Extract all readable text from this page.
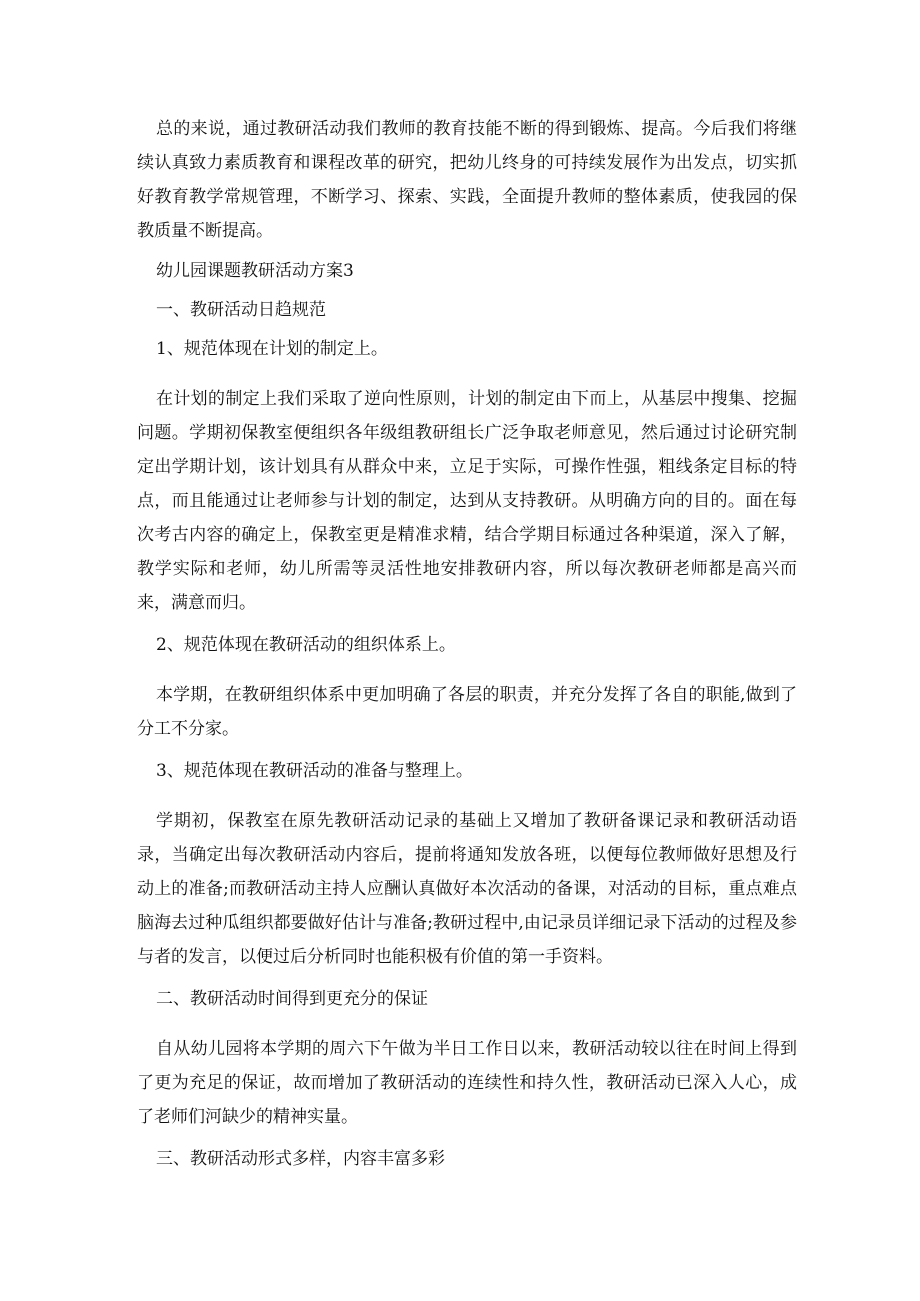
总的来说，通过教研活动我们教师的教育技能不断的得到锻炼、提高。今后我们将继续认真致力素质教育和课程改革的研究，把幼儿终身的可持续发展作为出发点，切实抓好教育教学常规管理，不断学习、探索、实践，全面提升教师的整体素质，使我园的保教质量不断提高。

幼儿园课题教研活动方案3

一、教研活动日趋规范

1、规范体现在计划的制定上。

在计划的制定上我们采取了逆向性原则，计划的制定由下而上，从基层中搜集、挖掘问题。学期初保教室便组织各年级组教研组长广泛争取老师意见，然后通过讨论研究制定出学期计划，该计划具有从群众中来，立足于实际，可操作性强，粗线条定目标的特点，而且能通过让老师参与计划的制定，达到从支持教研。从明确方向的目的。面在每次考古内容的确定上，保教室更是精准求精，结合学期目标通过各种渠道，深入了解，教学实际和老师，幼儿所需等灵活性地安排教研内容，所以每次教研老师都是高兴而来，满意而归。

2、规范体现在教研活动的组织体系上。

本学期，在教研组织体系中更加明确了各层的职责，并充分发挥了各自的职能,做到了分工不分家。

3、规范体现在教研活动的准备与整理上。

学期初，保教室在原先教研活动记录的基础上又增加了教研备课记录和教研活动语录，当确定出每次教研活动内容后，提前将通知发放各班，以便每位教师做好思想及行动上的准备;而教研活动主持人应酬认真做好本次活动的备课，对活动的目标，重点难点脑海去过种瓜组织都要做好估计与准备;教研过程中,由记录员详细记录下活动的过程及参与者的发言，以便过后分析同时也能积极有价值的第一手资料。

二、教研活动时间得到更充分的保证

自从幼儿园将本学期的周六下午做为半日工作日以来，教研活动较以往在时间上得到了更为充足的保证，故而增加了教研活动的连续性和持久性，教研活动已深入人心，成了老师们河缺少的精神实量。

三、教研活动形式多样，内容丰富多彩
